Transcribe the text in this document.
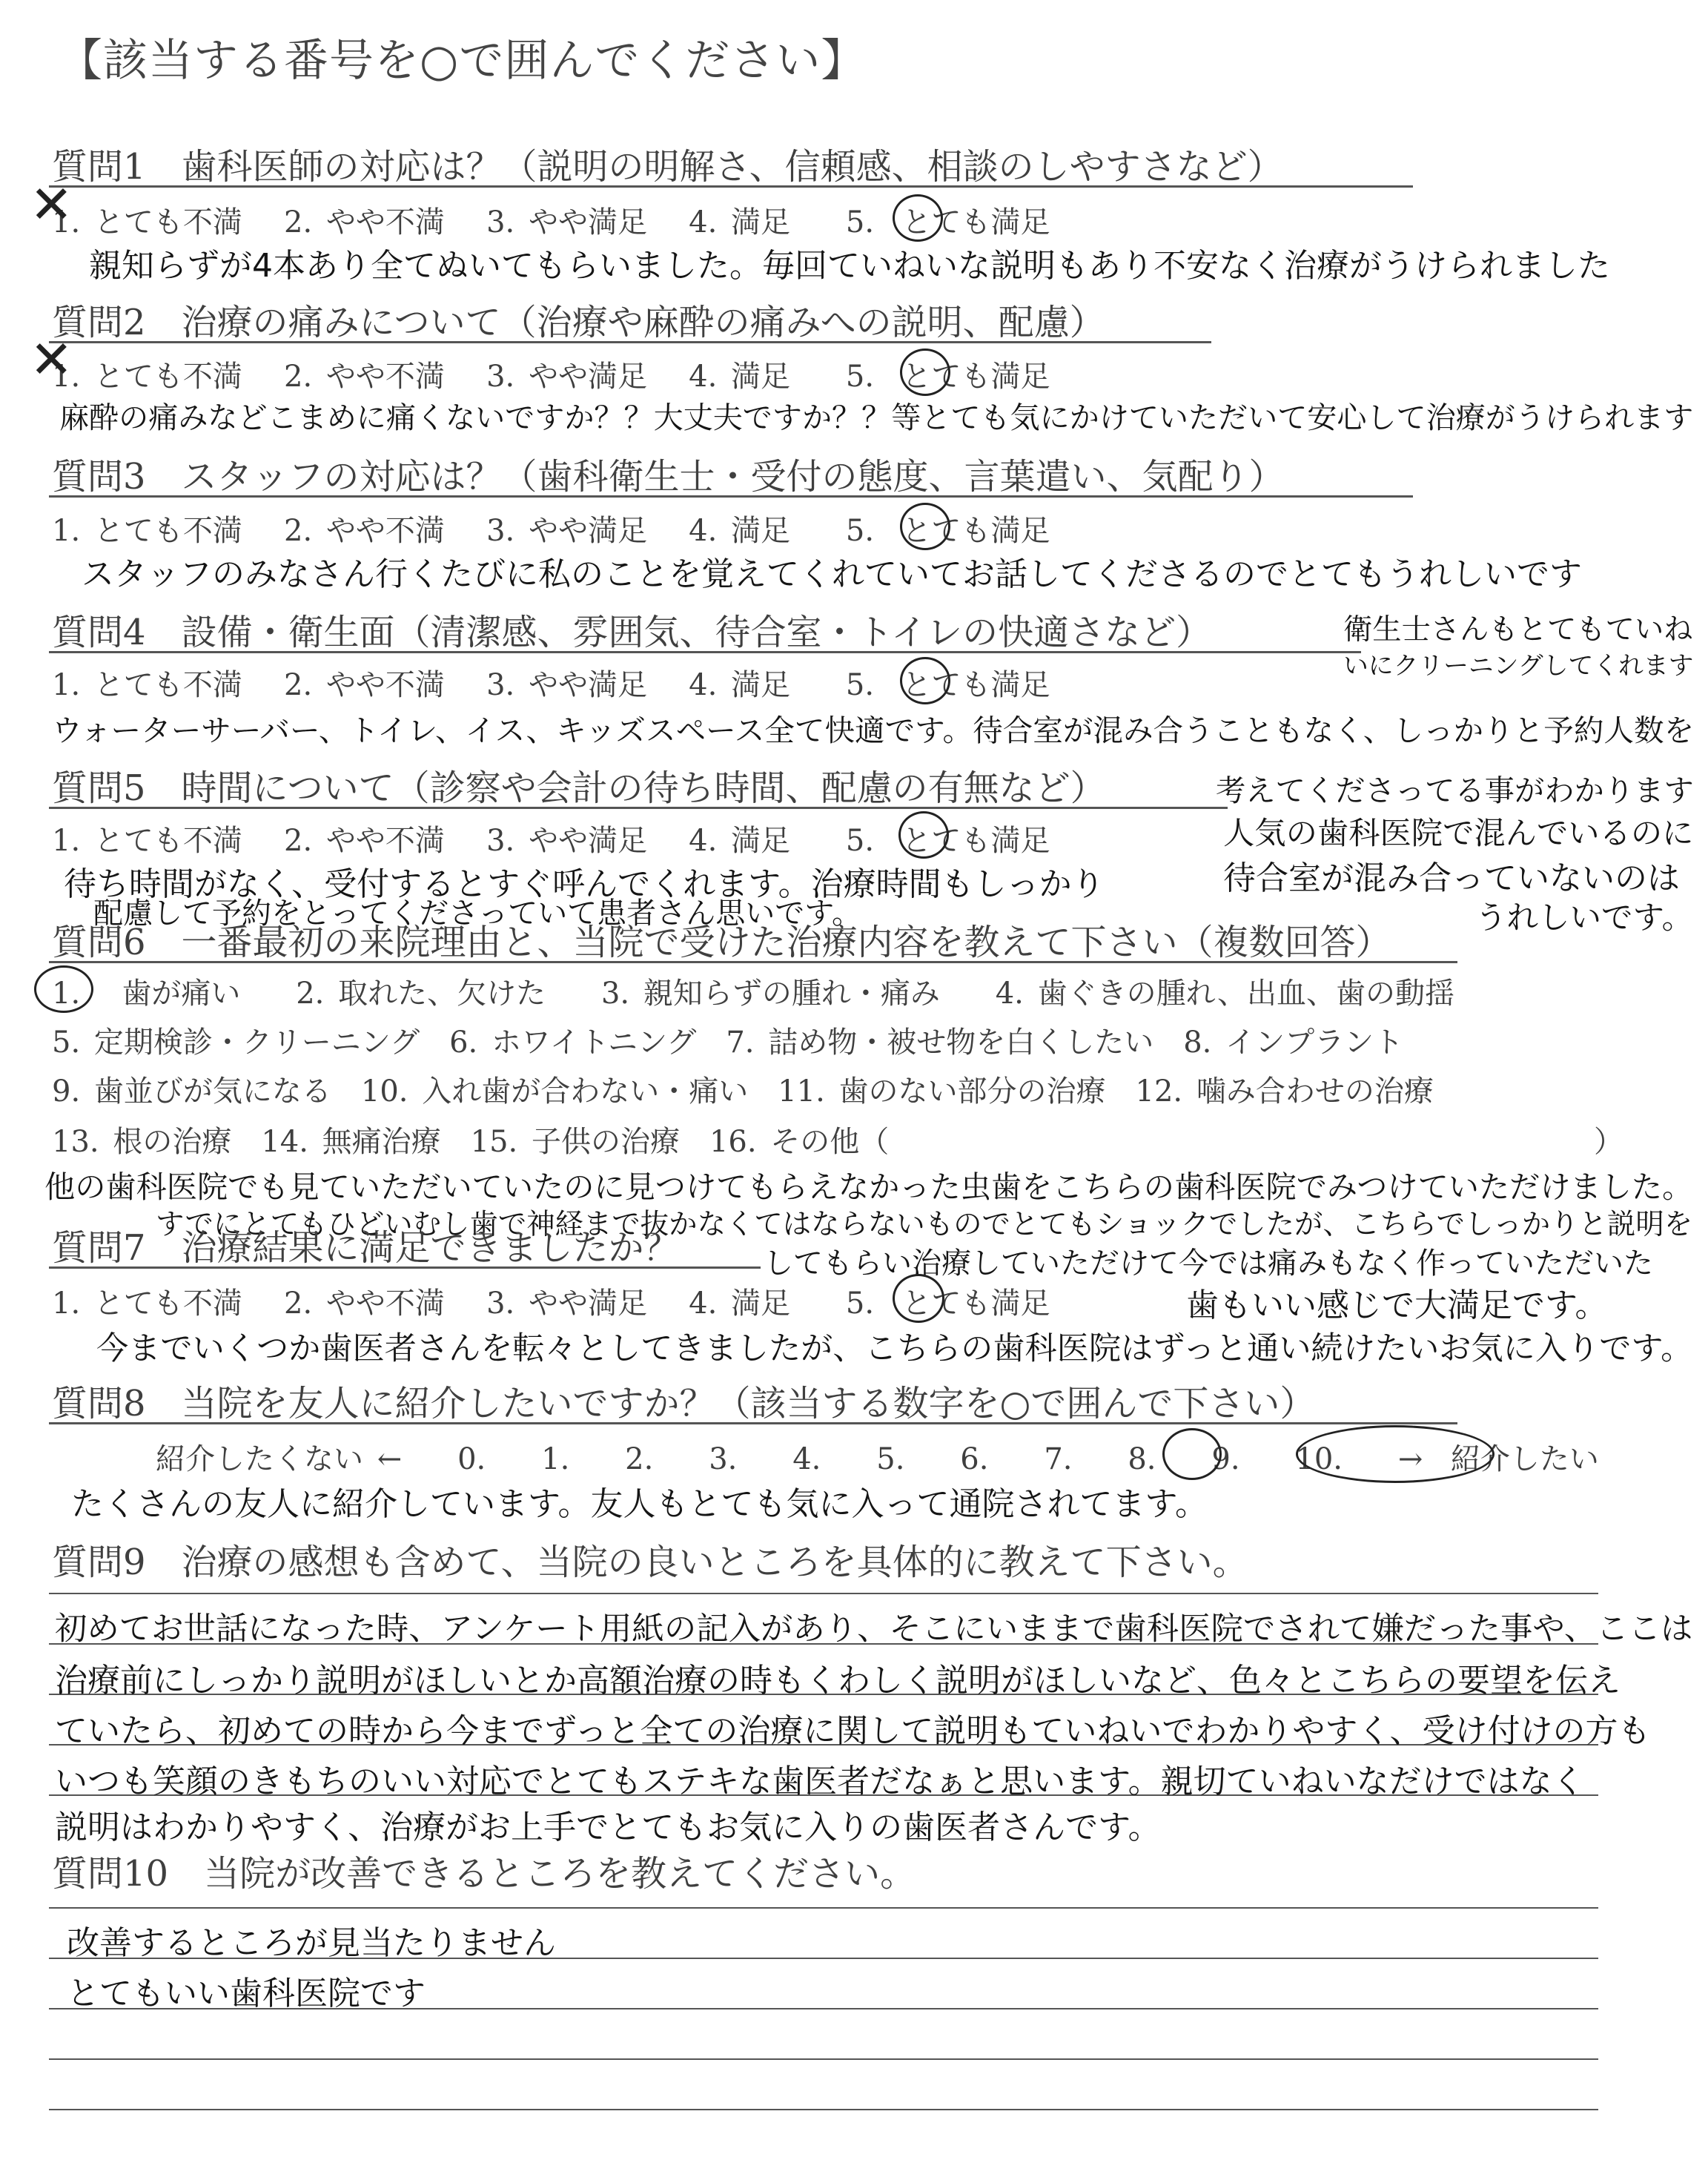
【該当する番号を○で囲んでください】
質問1　歯科医師の対応は？（説明の明解さ、信頼感、相談のしやすさなど）
1. とても不満 2. やや不満 3. やや満足 4. 満足 5. とても満足
✕
親知らずが4本あり全てぬいてもらいました。毎回ていねいな説明もあり不安なく治療がうけられました
質問2　治療の痛みについて（治療や麻酔の痛みへの説明、配慮）
1. とても不満 2. やや不満 3. やや満足 4. 満足 5. とても満足
✕
麻酔の痛みなどこまめに痛くないですか？？大丈夫ですか？？等とても気にかけていただいて安心して治療がうけられます
質問3　スタッフの対応は？（歯科衛生士・受付の態度、言葉遣い、気配り）
1. とても不満 2. やや不満 3. やや満足 4. 満足 5. とても満足
スタッフのみなさん行くたびに私のことを覚えてくれていてお話してくださるのでとてもうれしいです
質問4　設備・衛生面（清潔感、雰囲気、待合室・トイレの快適さなど）	衛生士さんもとてもていね
いにクリーニングしてくれます
1. とても不満 2. やや不満 3. やや満足 4. 満足 5. とても満足
ウォーターサーバー、トイレ、イス、キッズスペース全て快適です。待合室が混み合うこともなく、しっかりと予約人数を
質問5　時間について（診察や会計の待ち時間、配慮の有無など）	考えてくださってる事がわかります
人気の歯科医院で混んでいるのに
待合室が混み合っていないのは
うれしいです。
1. とても不満 2. やや不満 3. やや満足 4. 満足 5. とても満足
待ち時間がなく、受付するとすぐ呼んでくれます。治療時間もしっかり
配慮して予約をとってくださっていて患者さん思いです。
質問6　一番最初の来院理由と、当院で受けた治療内容を教えて下さい（複数回答）
1. 歯が痛い 2. 取れた、欠けた 3. 親知らずの腫れ・痛み 4. 歯ぐきの腫れ、出血、歯の動揺
5. 定期検診・クリーニング　6. ホワイトニング　7. 詰め物・被せ物を白くしたい　8. インプラント
9. 歯並びが気になる　10. 入れ歯が合わない・痛い　11. 歯のない部分の治療　12. 噛み合わせの治療
13. 根の治療　14. 無痛治療　15. 子供の治療　16. その他（	）
他の歯科医院でも見ていただいていたのに見つけてもらえなかった虫歯をこちらの歯科医院でみつけていただけました。
すでにとてもひどいむし歯で神経まで抜かなくてはならないものでとてもショックでしたが、こちらでしっかりと説明を
質問7　治療結果に満足できましたか？	してもらい治療していただけて今では痛みもなく作っていただいた
歯もいい感じで大満足です。
1. とても不満 2. やや不満 3. やや満足 4. 満足 5. とても満足
今までいくつか歯医者さんを転々としてきましたが、こちらの歯科医院はずっと通い続けたいお気に入りです。
質問8　当院を友人に紹介したいですか？（該当する数字を○で囲んで下さい）
紹介したくない ← 0. 1. 2. 3. 4. 5. 6. 7. 8. 9. 10. → 紹介したい
たくさんの友人に紹介しています。友人もとても気に入って通院されてます。
質問9　治療の感想も含めて、当院の良いところを具体的に教えて下さい。
初めてお世話になった時、アンケート用紙の記入があり、そこにいままで歯科医院でされて嫌だった事や、ここは
治療前にしっかり説明がほしいとか高額治療の時もくわしく説明がほしいなど、色々とこちらの要望を伝え
ていたら、初めての時から今までずっと全ての治療に関して説明もていねいでわかりやすく、受け付けの方も
いつも笑顔のきもちのいい対応でとてもステキな歯医者だなぁと思います。親切ていねいなだけではなく
説明はわかりやすく、治療がお上手でとてもお気に入りの歯医者さんです。
質問10　当院が改善できるところを教えてください。
改善するところが見当たりません
とてもいい歯科医院です
